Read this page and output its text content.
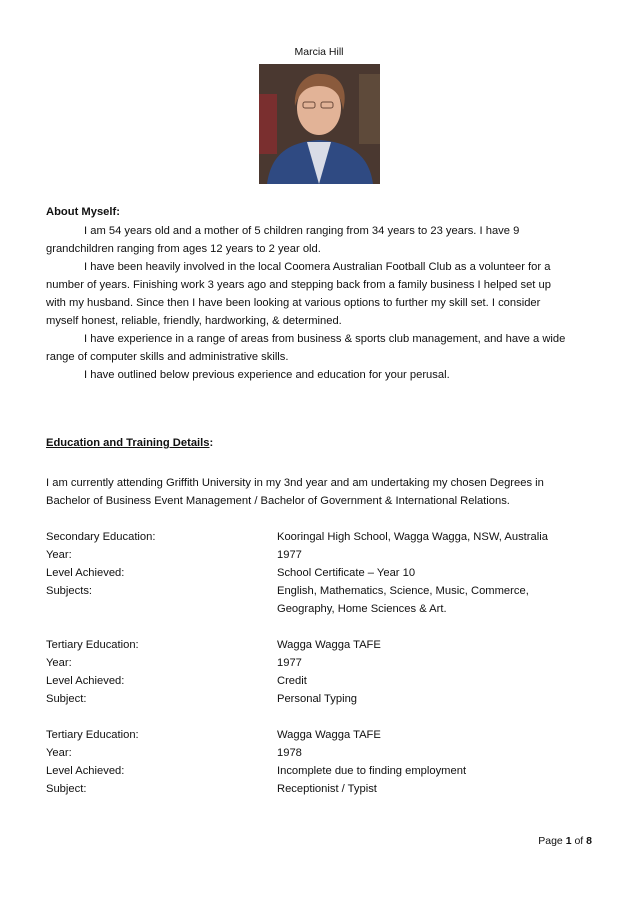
Marcia Hill
About Myself:
I am 54 years old and a mother of 5 children ranging from 34 years to 23 years. I have 9
grandchildren ranging from ages 12 years to 2 year old.
I have been heavily involved in the local Coomera Australian Football Club as a volunteer for a
number of years. Finishing work 3 years ago and stepping back from a family business I helped set up
with my husband. Since then I have been looking at various options to further my skill set. I consider
myself honest, reliable, friendly, hardworking, & determined.
I have experience in a range of areas from business & sports club management, and have a wide
range of computer skills and administrative skills.
I have outlined below previous experience and education for your perusal.
Education and Training Details:
I am currently attending Griffith University in my 3nd year and am undertaking my chosen Degrees in
Bachelor of Business Event Management / Bachelor of Government & International Relations.
Secondary Education:	Kooringal High School, Wagga Wagga, NSW, Australia
Year:	1977
Level Achieved:	School Certificate – Year 10
Subjects:	English, Mathematics, Science, Music, Commerce,
Geography, Home Sciences & Art.
Tertiary Education:	Wagga Wagga TAFE
Year:	1977
Level Achieved:	Credit
Subject:	Personal Typing
Tertiary Education:	Wagga Wagga TAFE
Year:	1978
Level Achieved:	Incomplete due to finding employment
Subject:	Receptionist / Typist
Page 1 of 8
